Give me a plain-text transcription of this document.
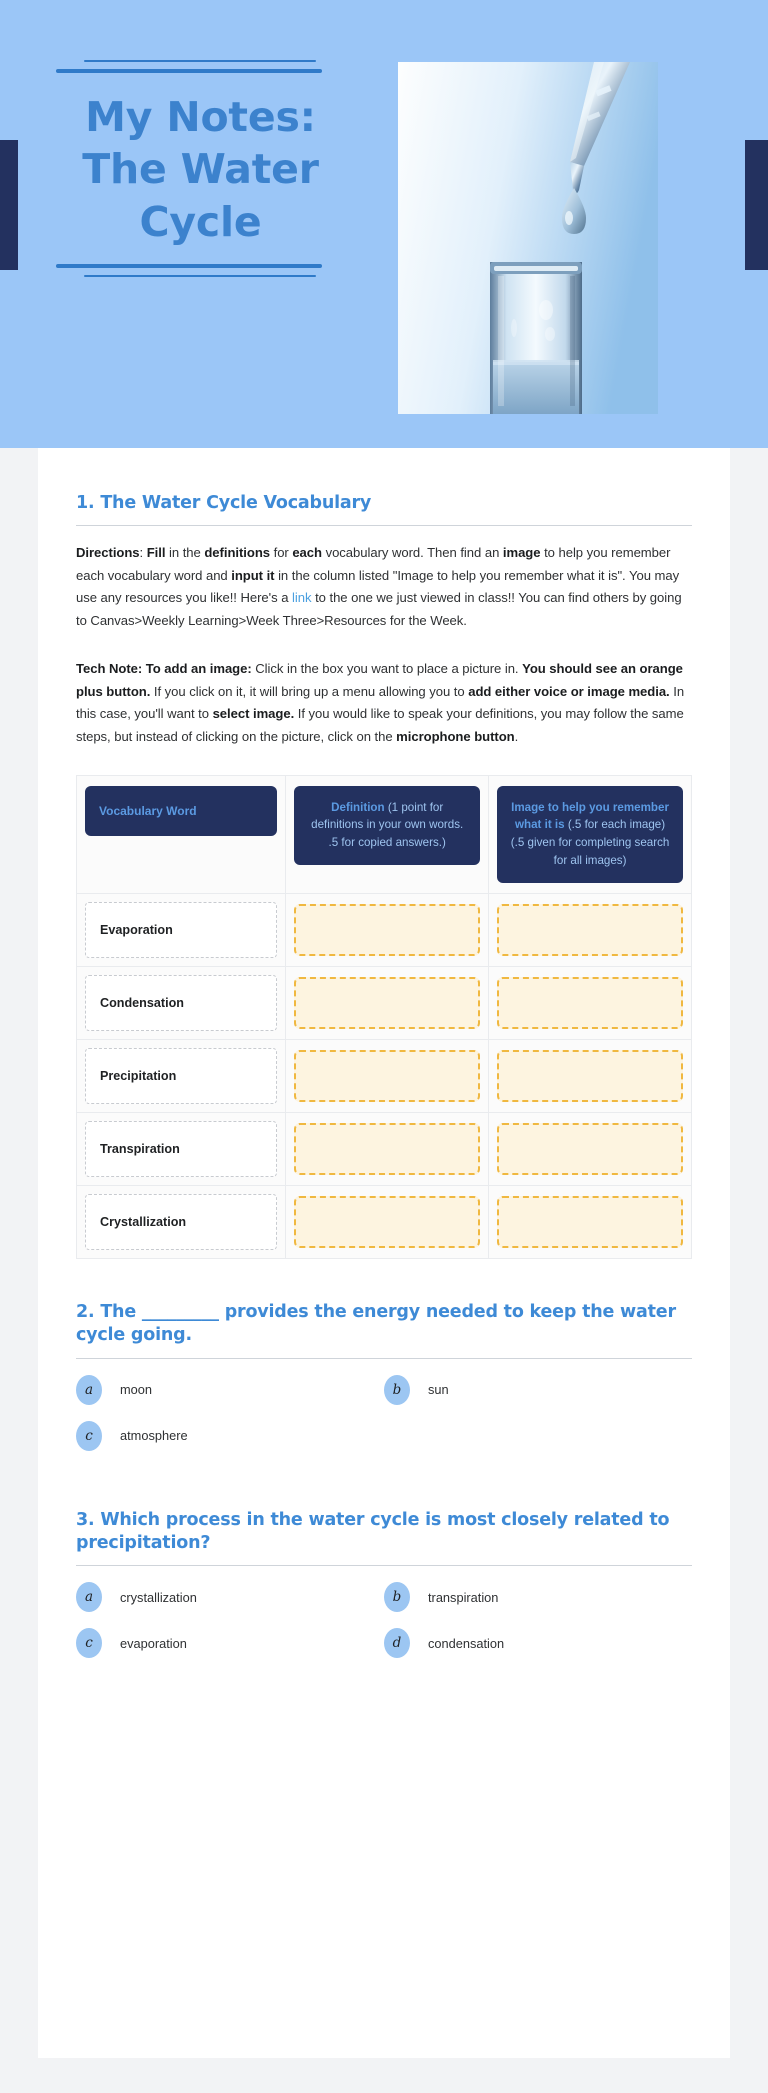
My Notes:
The Water
Cycle
1. The Water Cycle Vocabulary

Directions: Fill in the definitions for each vocabulary word. Then find an image to help you remember each vocabulary word and input it in the column listed "Image to help you remember what it is". You may use any resources you like!! Here's a link to the one we just viewed in class!! You can find others by going to Canvas>Weekly Learning>Week Three>Resources for the Week.

Tech Note: To add an image: Click in the box you want to place a picture in. You should see an orange plus button. If you click on it, it will bring up a menu allowing you to add either voice or image media. In this case, you'll want to select image. If you would like to speak your definitions, you may follow the same steps, but instead of clicking on the picture, click on the microphone button.

Vocabulary Word	Definition (1 point for definitions in your own words. .5 for copied answers.)	Image to help you remember what it is (.5 for each image) (.5 given for completing search for all images)

Evaporation		

Condensation		

Precipitation		

Transpiration		

Crystallization		

2. The _________ provides the energy needed to keep the water cycle going.
a	moon	b	sun
c	atmosphere
3. Which process in the water cycle is most closely related to precipitation?
a	crystallization	b	transpiration
c	evaporation	d	condensation
